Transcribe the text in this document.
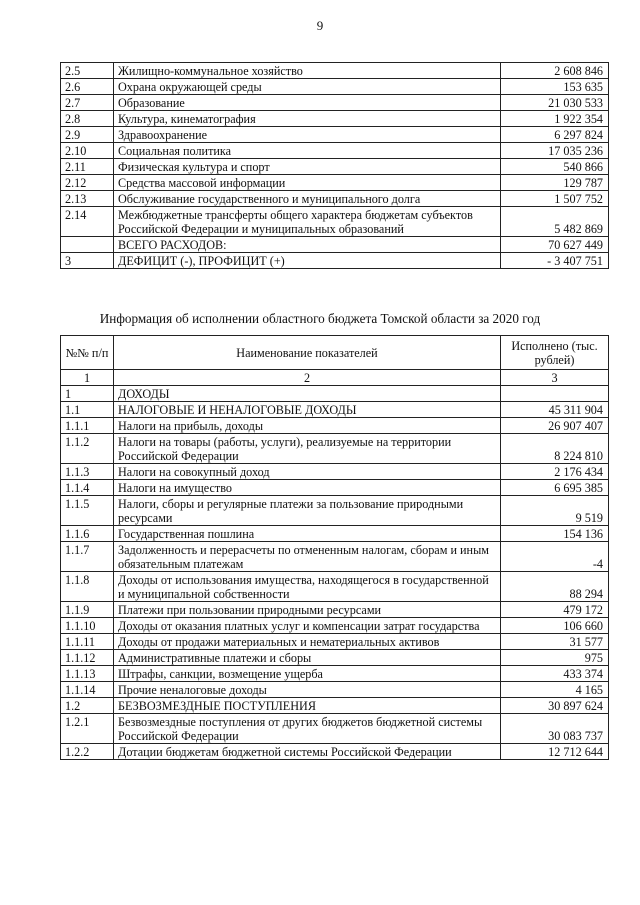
9
2.5	Жилищно-коммунальное хозяйство	2 608 846
2.6	Охрана окружающей среды	153 635
2.7	Образование	21 030 533
2.8	Культура, кинематография	1 922 354
2.9	Здравоохранение	6 297 824
2.10	Социальная политика	17 035 236
2.11	Физическая культура и спорт	540 866
2.12	Средства массовой информации	129 787
2.13	Обслуживание государственного и муниципального долга	1 507 752
2.14	Межбюджетные трансферты общего характера бюджетам субъектов Российской Федерации и муниципальных образований	5 482 869
	ВСЕГО РАСХОДОВ:	70 627 449
3	ДЕФИЦИТ (-), ПРОФИЦИТ (+)	- 3 407 751
Информация об исполнении областного бюджета Томской области за 2020 год
№№ п/п	Наименование показателей	Исполнено (тыс. рублей)
1	2	3
1	ДОХОДЫ	
1.1	НАЛОГОВЫЕ И НЕНАЛОГОВЫЕ ДОХОДЫ	45 311 904
1.1.1	Налоги на прибыль, доходы	26 907 407
1.1.2	Налоги на товары (работы, услуги), реализуемые на территории Российской Федерации	8 224 810
1.1.3	Налоги на совокупный доход	2 176 434
1.1.4	Налоги на имущество	6 695 385
1.1.5	Налоги, сборы и регулярные платежи за пользование природными ресурсами	9 519
1.1.6	Государственная пошлина	154 136
1.1.7	Задолженность и перерасчеты по отмененным налогам, сборам и иным обязательным платежам	-4
1.1.8	Доходы от использования имущества, находящегося в государственной и муниципальной собственности	88 294
1.1.9	Платежи при пользовании природными ресурсами	479 172
1.1.10	Доходы от оказания платных услуг и компенсации затрат государства	106 660
1.1.11	Доходы от продажи материальных и нематериальных активов	31 577
1.1.12	Административные платежи и сборы	975
1.1.13	Штрафы, санкции, возмещение ущерба	433 374
1.1.14	Прочие неналоговые доходы	4 165
1.2	БЕЗВОЗМЕЗДНЫЕ ПОСТУПЛЕНИЯ	30 897 624
1.2.1	Безвозмездные поступления от других бюджетов бюджетной системы Российской Федерации	30 083 737
1.2.2	Дотации бюджетам бюджетной системы Российской Федерации	12 712 644
